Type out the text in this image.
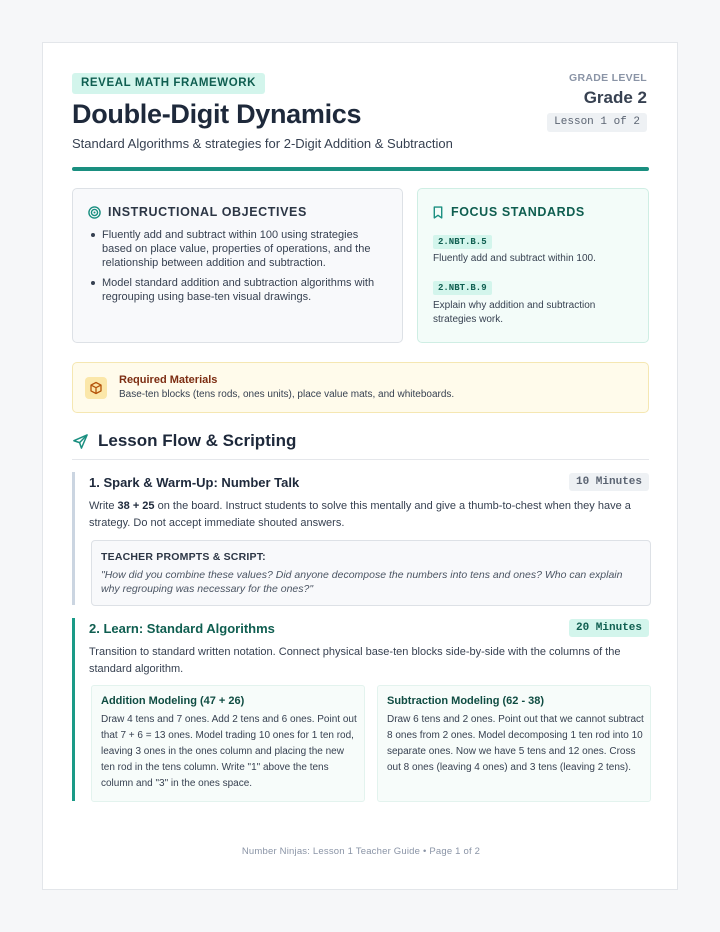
REVEAL MATH FRAMEWORK
Double-Digit Dynamics
Standard Algorithms & strategies for 2-Digit Addition & Subtraction
GRADE LEVEL
Grade 2
Lesson 1 of 2
INSTRUCTIONAL OBJECTIVES
Fluently add and subtract within 100 using strategies based on place value, properties of operations, and the relationship between addition and subtraction.
Model standard addition and subtraction algorithms with regrouping using base-ten visual drawings.
FOCUS STANDARDS
2.NBT.B.5
Fluently add and subtract within 100.
2.NBT.B.9
Explain why addition and subtraction strategies work.
Required Materials
Base-ten blocks (tens rods, ones units), place value mats, and whiteboards.
Lesson Flow & Scripting
1. Spark & Warm-Up: Number Talk	10 Minutes
Write 38 + 25 on the board. Instruct students to solve this mentally and give a thumb-to-chest when they have a strategy. Do not accept immediate shouted answers.
TEACHER PROMPTS & SCRIPT:
"How did you combine these values? Did anyone decompose the numbers into tens and ones? Who can explain why regrouping was necessary for the ones?"
2. Learn: Standard Algorithms	20 Minutes
Transition to standard written notation. Connect physical base-ten blocks side-by-side with the columns of the standard algorithm.
Addition Modeling (47 + 26)
Draw 4 tens and 7 ones. Add 2 tens and 6 ones. Point out that 7 + 6 = 13 ones. Model trading 10 ones for 1 ten rod, leaving 3 ones in the ones column and placing the new ten rod in the tens column. Write "1" above the tens column and "3" in the ones space.
Subtraction Modeling (62 - 38)
Draw 6 tens and 2 ones. Point out that we cannot subtract 8 ones from 2 ones. Model decomposing 1 ten rod into 10 separate ones. Now we have 5 tens and 12 ones. Cross out 8 ones (leaving 4 ones) and 3 tens (leaving 2 tens).
Number Ninjas: Lesson 1 Teacher Guide • Page 1 of 2
